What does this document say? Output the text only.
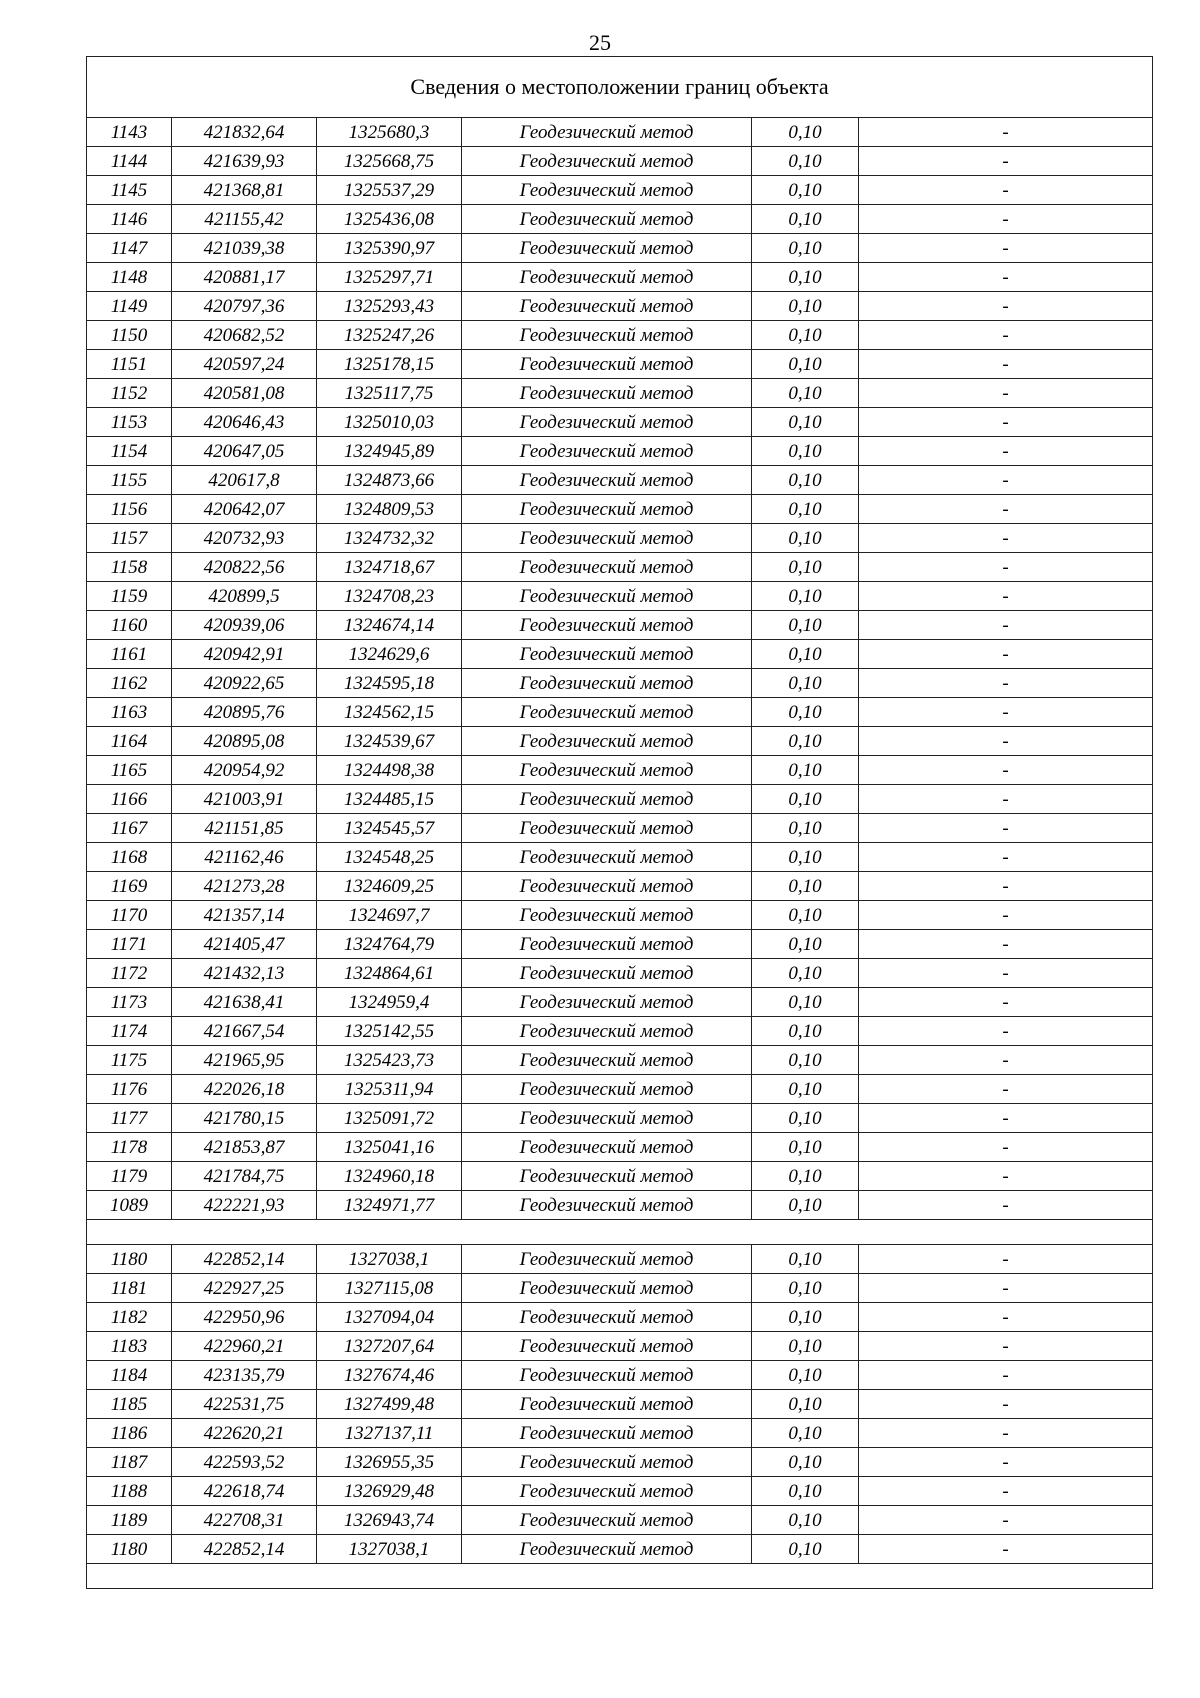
25
Сведения о местоположении границ объекта					
1143	421832,64	1325680,3	Геодезический метод	0,10	-
1144	421639,93	1325668,75	Геодезический метод	0,10	-
1145	421368,81	1325537,29	Геодезический метод	0,10	-
1146	421155,42	1325436,08	Геодезический метод	0,10	-
1147	421039,38	1325390,97	Геодезический метод	0,10	-
1148	420881,17	1325297,71	Геодезический метод	0,10	-
1149	420797,36	1325293,43	Геодезический метод	0,10	-
1150	420682,52	1325247,26	Геодезический метод	0,10	-
1151	420597,24	1325178,15	Геодезический метод	0,10	-
1152	420581,08	1325117,75	Геодезический метод	0,10	-
1153	420646,43	1325010,03	Геодезический метод	0,10	-
1154	420647,05	1324945,89	Геодезический метод	0,10	-
1155	420617,8	1324873,66	Геодезический метод	0,10	-
1156	420642,07	1324809,53	Геодезический метод	0,10	-
1157	420732,93	1324732,32	Геодезический метод	0,10	-
1158	420822,56	1324718,67	Геодезический метод	0,10	-
1159	420899,5	1324708,23	Геодезический метод	0,10	-
1160	420939,06	1324674,14	Геодезический метод	0,10	-
1161	420942,91	1324629,6	Геодезический метод	0,10	-
1162	420922,65	1324595,18	Геодезический метод	0,10	-
1163	420895,76	1324562,15	Геодезический метод	0,10	-
1164	420895,08	1324539,67	Геодезический метод	0,10	-
1165	420954,92	1324498,38	Геодезический метод	0,10	-
1166	421003,91	1324485,15	Геодезический метод	0,10	-
1167	421151,85	1324545,57	Геодезический метод	0,10	-
1168	421162,46	1324548,25	Геодезический метод	0,10	-
1169	421273,28	1324609,25	Геодезический метод	0,10	-
1170	421357,14	1324697,7	Геодезический метод	0,10	-
1171	421405,47	1324764,79	Геодезический метод	0,10	-
1172	421432,13	1324864,61	Геодезический метод	0,10	-
1173	421638,41	1324959,4	Геодезический метод	0,10	-
1174	421667,54	1325142,55	Геодезический метод	0,10	-
1175	421965,95	1325423,73	Геодезический метод	0,10	-
1176	422026,18	1325311,94	Геодезический метод	0,10	-
1177	421780,15	1325091,72	Геодезический метод	0,10	-
1178	421853,87	1325041,16	Геодезический метод	0,10	-
1179	421784,75	1324960,18	Геодезический метод	0,10	-
1089	422221,93	1324971,77	Геодезический метод	0,10	-

1180	422852,14	1327038,1	Геодезический метод	0,10	-
1181	422927,25	1327115,08	Геодезический метод	0,10	-
1182	422950,96	1327094,04	Геодезический метод	0,10	-
1183	422960,21	1327207,64	Геодезический метод	0,10	-
1184	423135,79	1327674,46	Геодезический метод	0,10	-
1185	422531,75	1327499,48	Геодезический метод	0,10	-
1186	422620,21	1327137,11	Геодезический метод	0,10	-
1187	422593,52	1326955,35	Геодезический метод	0,10	-
1188	422618,74	1326929,48	Геодезический метод	0,10	-
1189	422708,31	1326943,74	Геодезический метод	0,10	-
1180	422852,14	1327038,1	Геодезический метод	0,10	-
